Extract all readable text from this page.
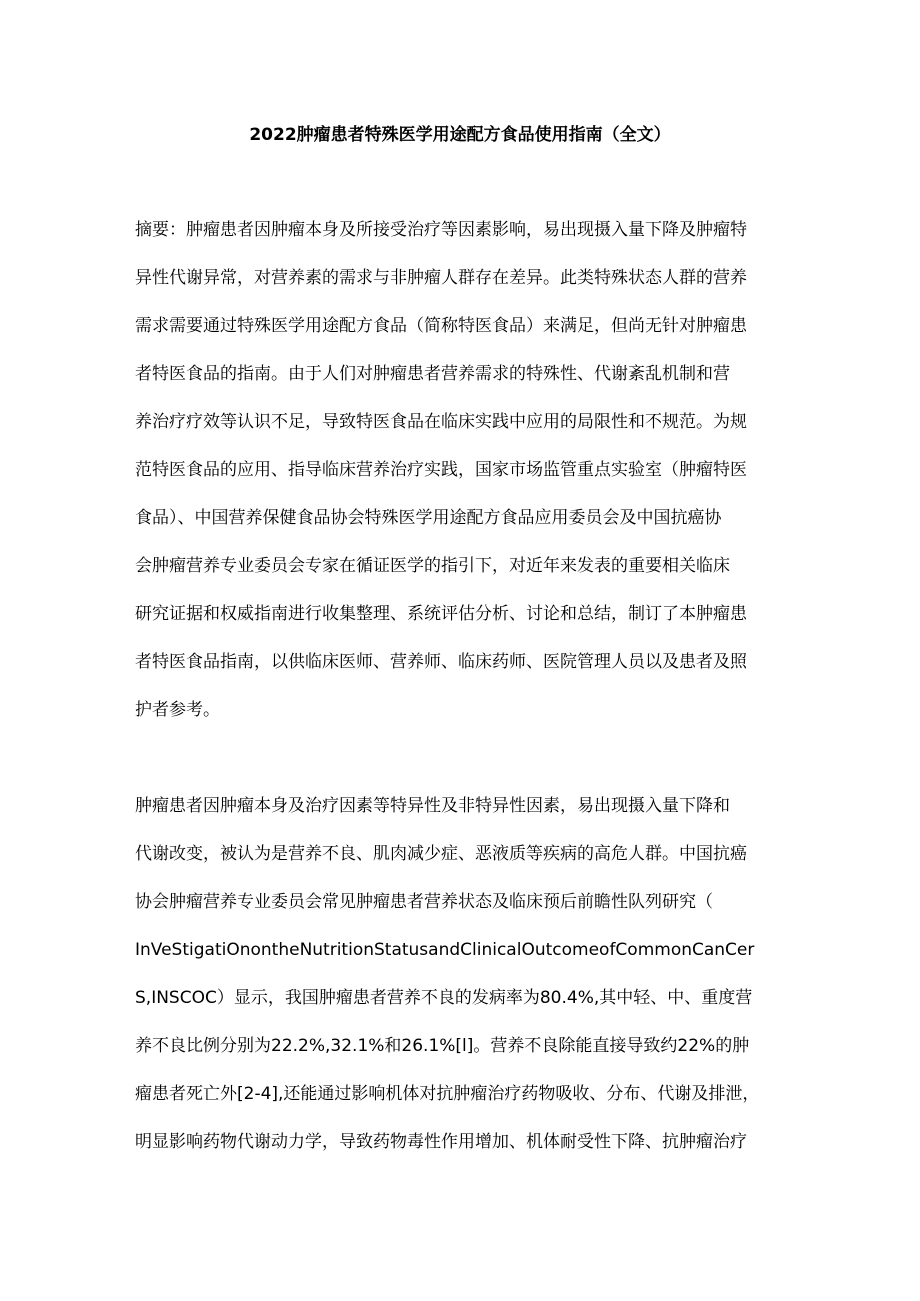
2022肿瘤患者特殊医学用途配方食品使用指南（全文）
摘要：肿瘤患者因肿瘤本身及所接受治疗等因素影响，易出现摄入量下降及肿瘤特
异性代谢异常，对营养素的需求与非肿瘤人群存在差异。此类特殊状态人群的营养
需求需要通过特殊医学用途配方食品（简称特医食品）来满足，但尚无针对肿瘤患
者特医食品的指南。由于人们对肿瘤患者营养需求的特殊性、代谢紊乱机制和营
养治疗疗效等认识不足，导致特医食品在临床实践中应用的局限性和不规范。为规
范特医食品的应用、指导临床营养治疗实践，国家市场监管重点实验室（肿瘤特医
食品）、中国营养保健食品协会特殊医学用途配方食品应用委员会及中国抗癌协
会肿瘤营养专业委员会专家在循证医学的指引下，对近年来发表的重要相关临床
研究证据和权威指南进行收集整理、系统评估分析、讨论和总结，制订了本肿瘤患
者特医食品指南，以供临床医师、营养师、临床药师、医院管理人员以及患者及照
护者参考。
肿瘤患者因肿瘤本身及治疗因素等特异性及非特异性因素，易出现摄入量下降和
代谢改变，被认为是营养不良、肌肉减少症、恶液质等疾病的高危人群。中国抗癌
协会肿瘤营养专业委员会常见肿瘤患者营养状态及临床预后前瞻性队列研究（
InVeStigatiOnontheNutritionStatusandClinicalOutcomeofCommonCanCer
S,INSCOC）显示，我国肿瘤患者营养不良的发病率为80.4%,其中轻、中、重度营
养不良比例分别为22.2%,32.1%和26.1%[l]。营养不良除能直接导致约22%的肿
瘤患者死亡外[2-4],还能通过影响机体对抗肿瘤治疗药物吸收、分布、代谢及排泄，
明显影响药物代谢动力学，导致药物毒性作用增加、机体耐受性下降、抗肿瘤治疗
